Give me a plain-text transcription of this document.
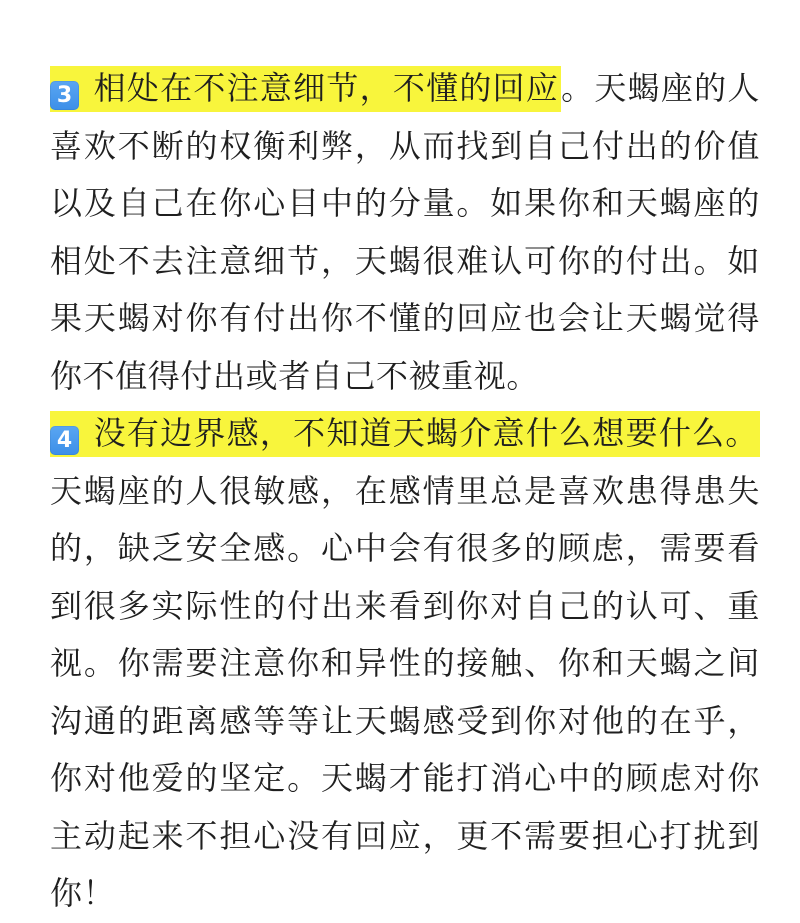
3 相处在不注意细节，不懂的回应。天蝎座的人喜欢不断的权衡利弊，从而找到自己付出的价值以及自己在你心目中的分量。如果你和天蝎座的相处不去注意细节，天蝎很难认可你的付出。如果天蝎对你有付出你不懂的回应也会让天蝎觉得你不值得付出或者自己不被重视。

4 没有边界感，不知道天蝎介意什么想要什么。天蝎座的人很敏感，在感情里总是喜欢患得患失的，缺乏安全感。心中会有很多的顾虑，需要看到很多实际性的付出来看到你对自己的认可、重视。你需要注意你和异性的接触、你和天蝎之间沟通的距离感等等让天蝎感受到你对他的在乎，你对他爱的坚定。天蝎才能打消心中的顾虑对你主动起来不担心没有回应，更不需要担心打扰到你！
